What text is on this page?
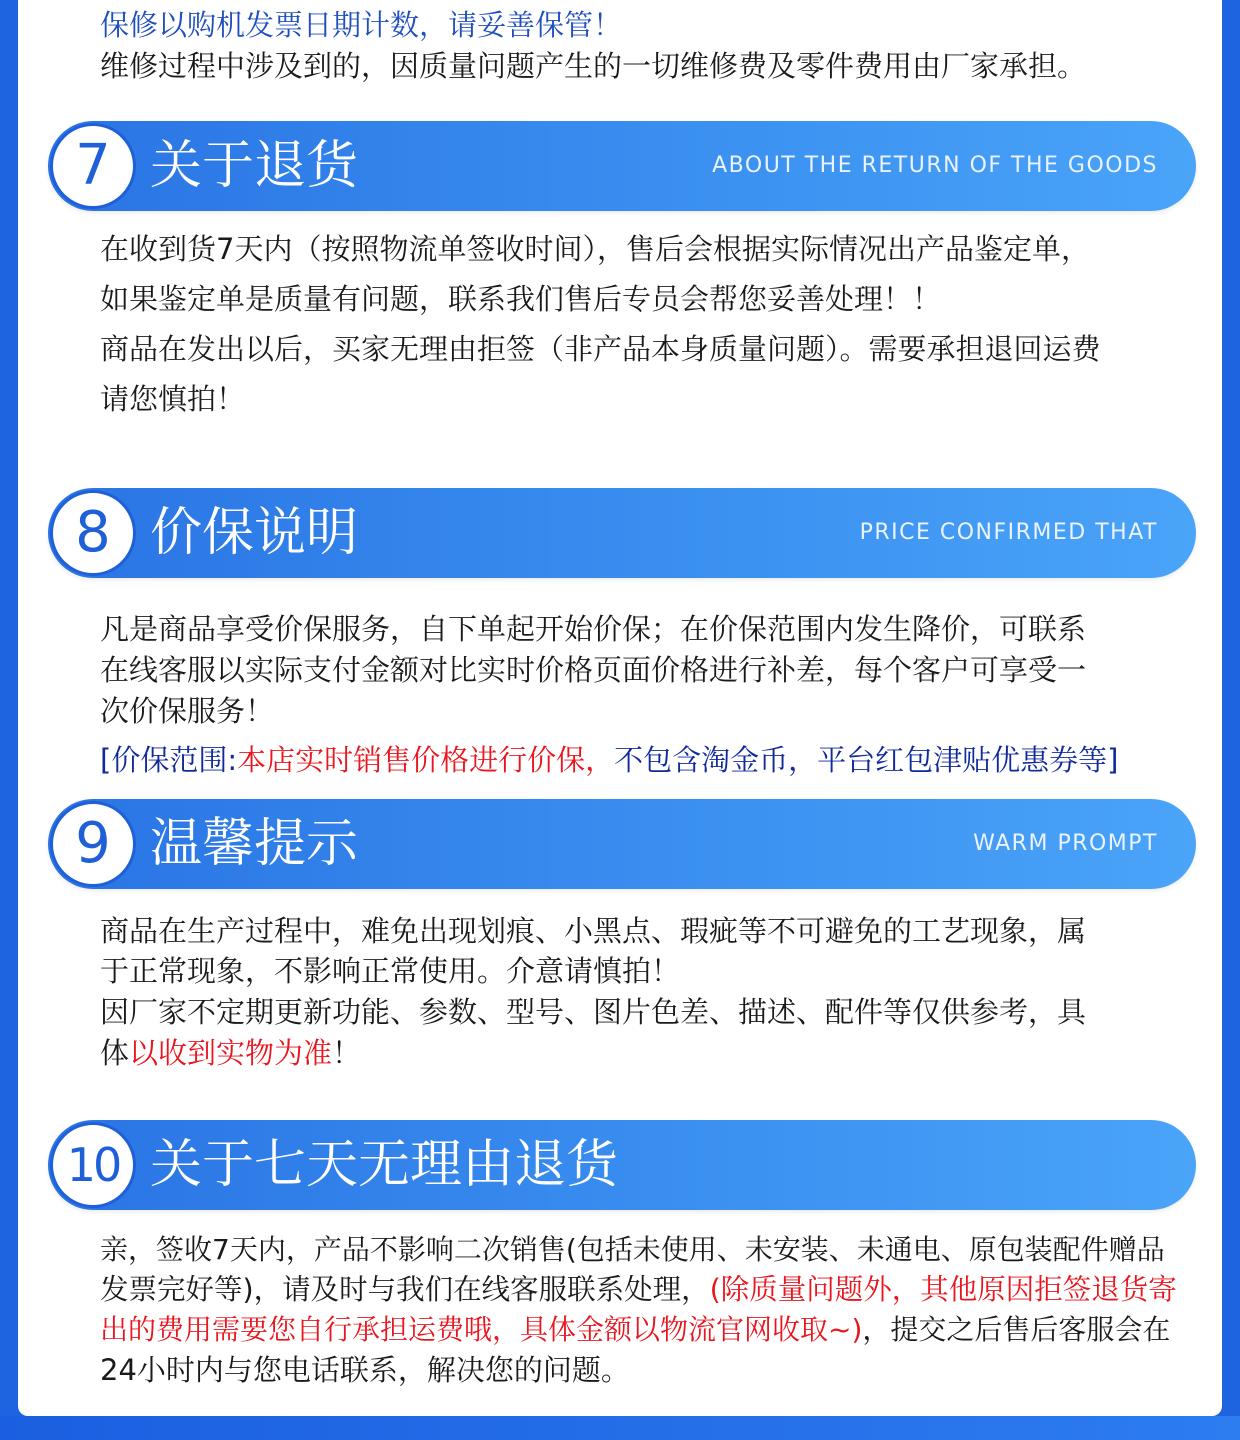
保修以购机发票日期计数，请妥善保管！

维修过程中涉及到的，因质量问题产生的一切维修费及零件费用由厂家承担。

7 关于退货	ABOUT THE RETURN OF THE GOODS

在收到货7天内（按照物流单签收时间），售后会根据实际情况出产品鉴定单，

如果鉴定单是质量有问题，联系我们售后专员会帮您妥善处理！！

商品在发出以后，买家无理由拒签（非产品本身质量问题）。需要承担退回运费

请您慎拍！

8 价保说明	PRICE CONFIRMED THAT

凡是商品享受价保服务，自下单起开始价保；在价保范围内发生降价，可联系

在线客服以实际支付金额对比实时价格页面价格进行补差，每个客户可享受一

次价保服务！

[价保范围:本店实时销售价格进行价保，不包含淘金币，平台红包津贴优惠券等]

9 温馨提示	WARM PROMPT

商品在生产过程中，难免出现划痕、小黑点、瑕疵等不可避免的工艺现象，属

于正常现象，不影响正常使用。介意请慎拍！

因厂家不定期更新功能、参数、型号、图片色差、描述、配件等仅供参考，具

体以收到实物为准！

10 关于七天无理由退货

亲，签收7天内，产品不影响二次销售(包括未使用、未安装、未通电、原包装配件赠品

发票完好等)，请及时与我们在线客服联系处理，(除质量问题外，其他原因拒签退货寄

出的费用需要您自行承担运费哦，具体金额以物流官网收取~)，提交之后售后客服会在

24小时内与您电话联系，解决您的问题。
